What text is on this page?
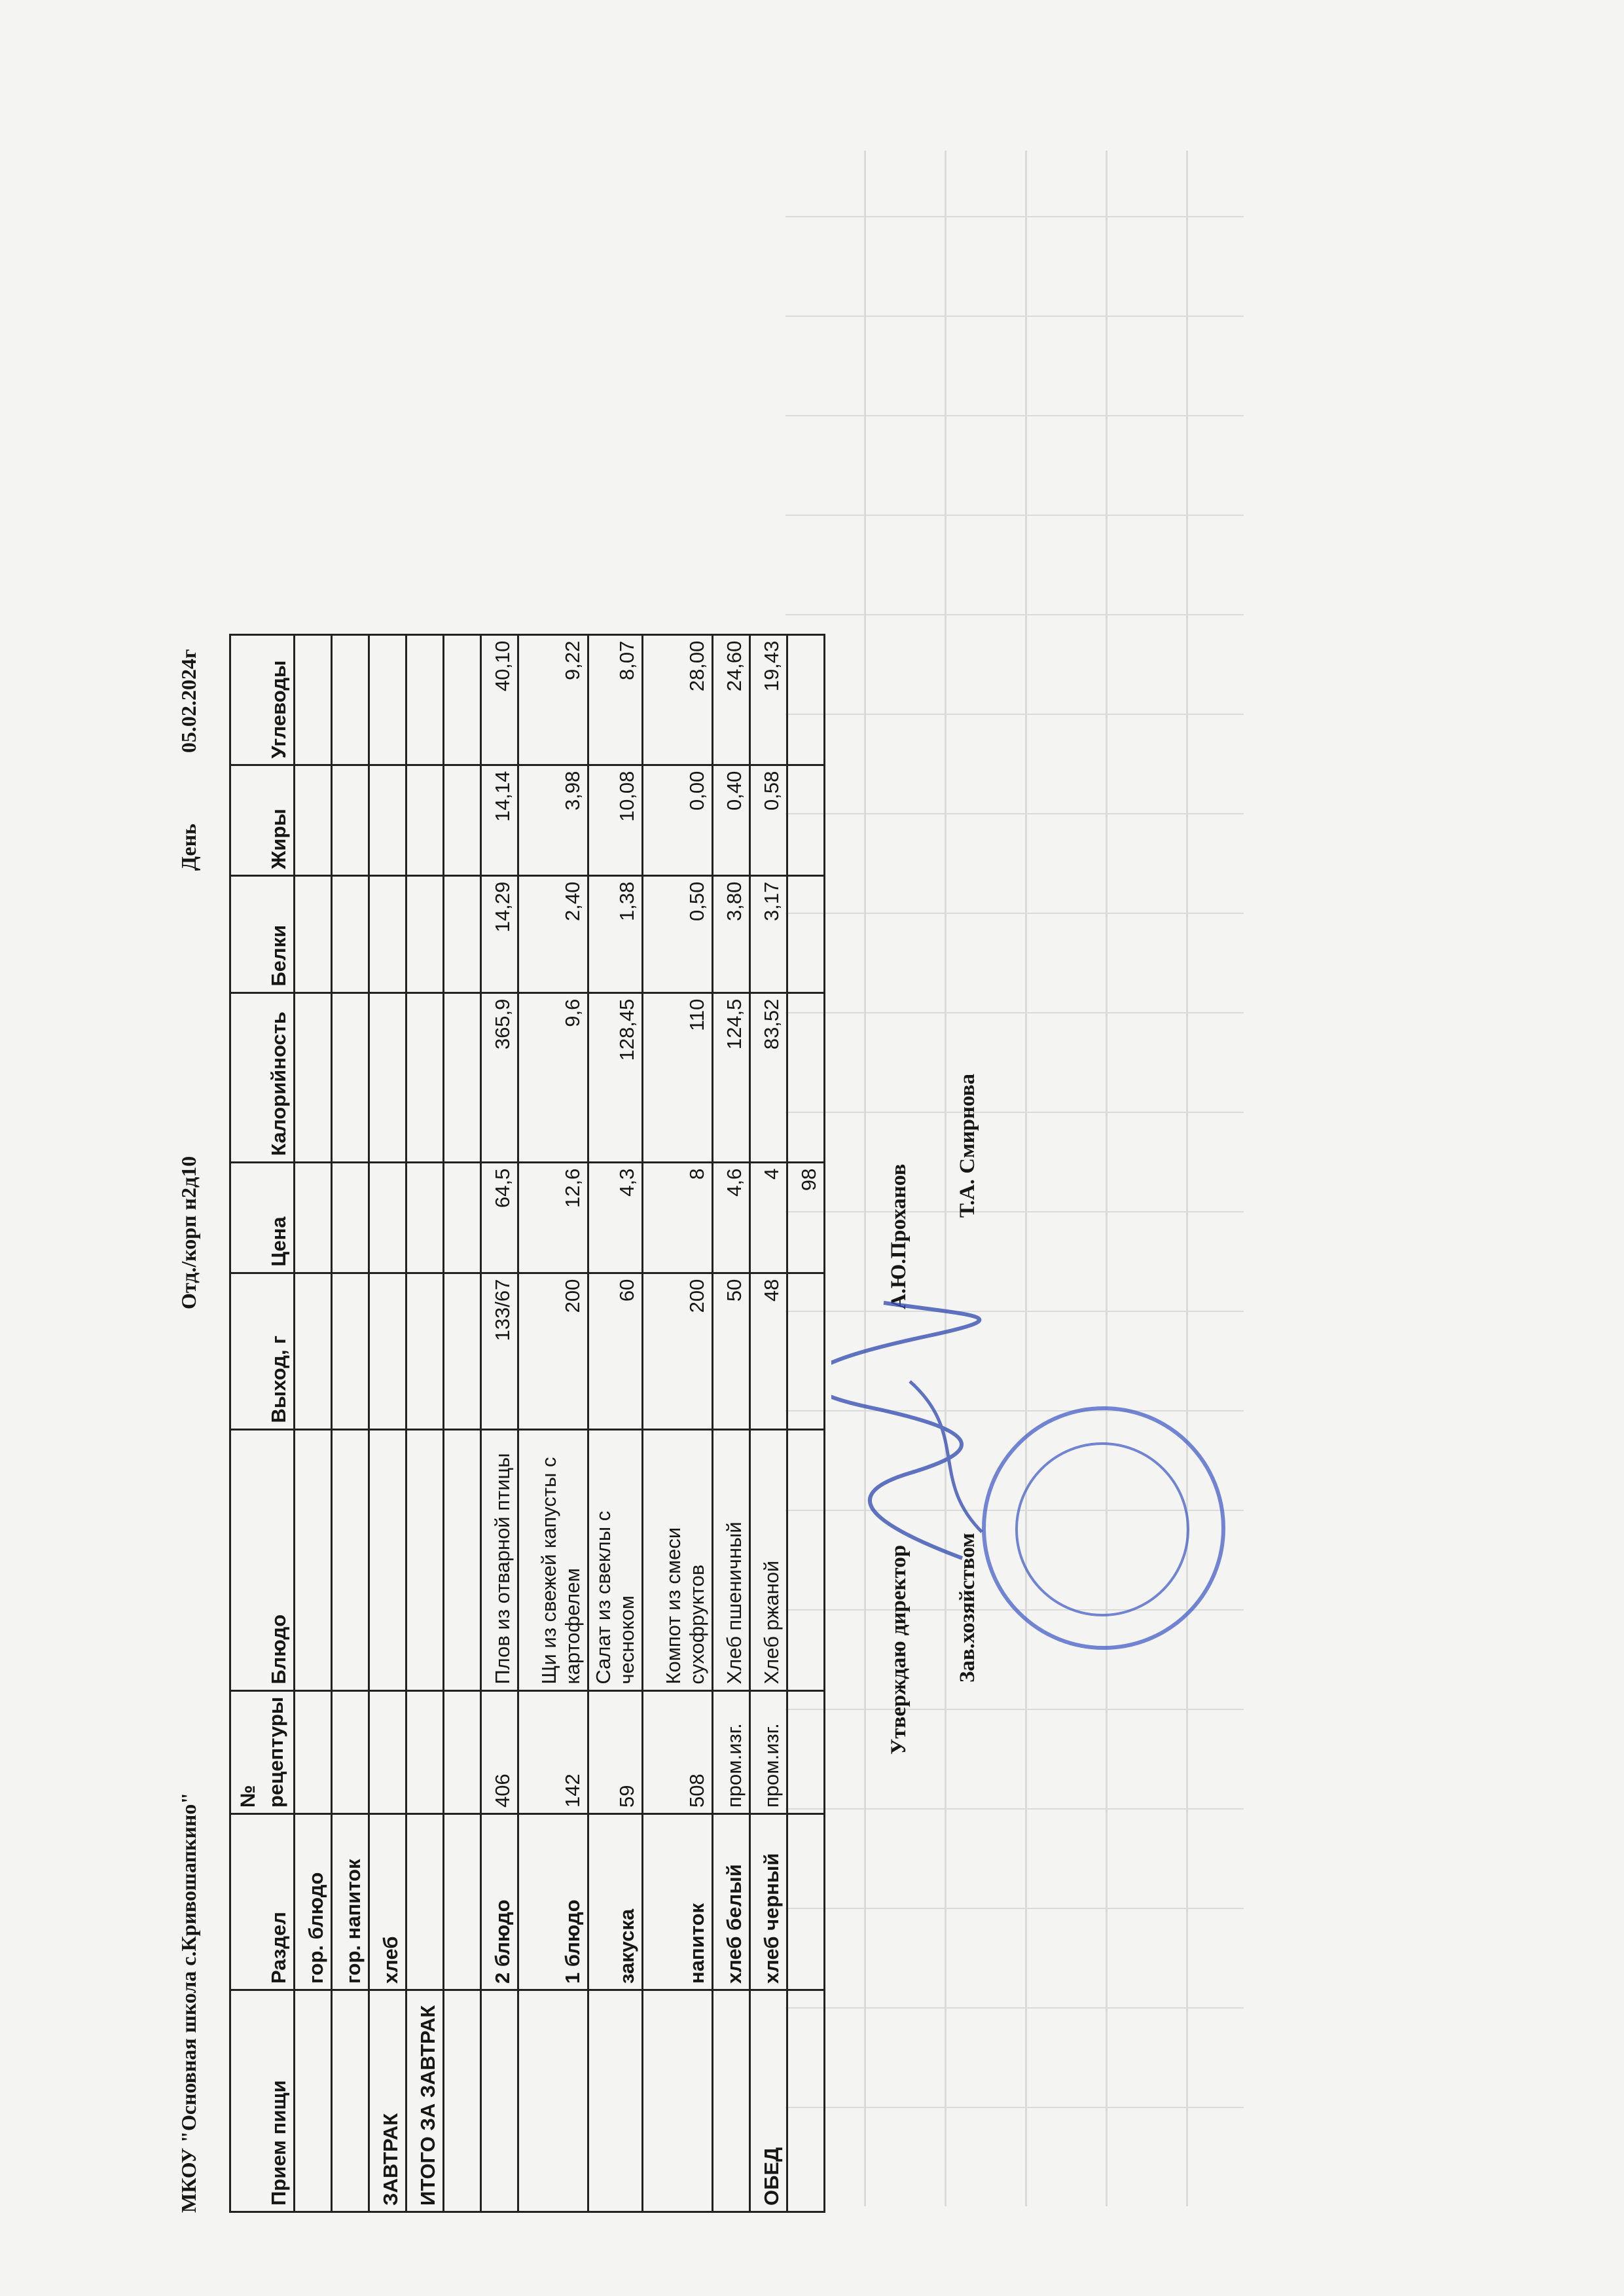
МКОУ "Основная школа с.Кривошапкино"
Отд./корп н2д10
День
05.02.2024г
Прием пищи	Раздел	№ рецептуры	Блюдо	Выход, г	Цена	Калорийность	Белки	Жиры	Углеводы
	гор. блюдо								
	гор. напиток								
ЗАВТРАК	хлеб								
ИТОГО ЗА ЗАВТРАК									

	2 блюдо	406	Плов из отварной птицы	133/67	64,5	365,9	14,29	14,14	40,10
	1 блюдо	142	Щи из свежей капусты с картофелем	200	12,6	9,6	2,40	3,98	9,22
	закуска	59	Салат из свеклы с чесноком	60	4,3	128,45	1,38	10,08	8,07
	напиток	508	Компот из смеси сухофруктов	200	8	110	0,50	0,00	28,00
	хлеб белый	пром.изг.	Хлеб пшеничный	50	4,6	124,5	3,80	0,40	24,60
ОБЕД	хлеб черный	пром.изг.	Хлеб ржаной	48	4	83,52	3,17	0,58	19,43
					98				
Утверждаю директор
А.Ю.Проханов
Зав.хозяйством
Т.А. Смирнова
